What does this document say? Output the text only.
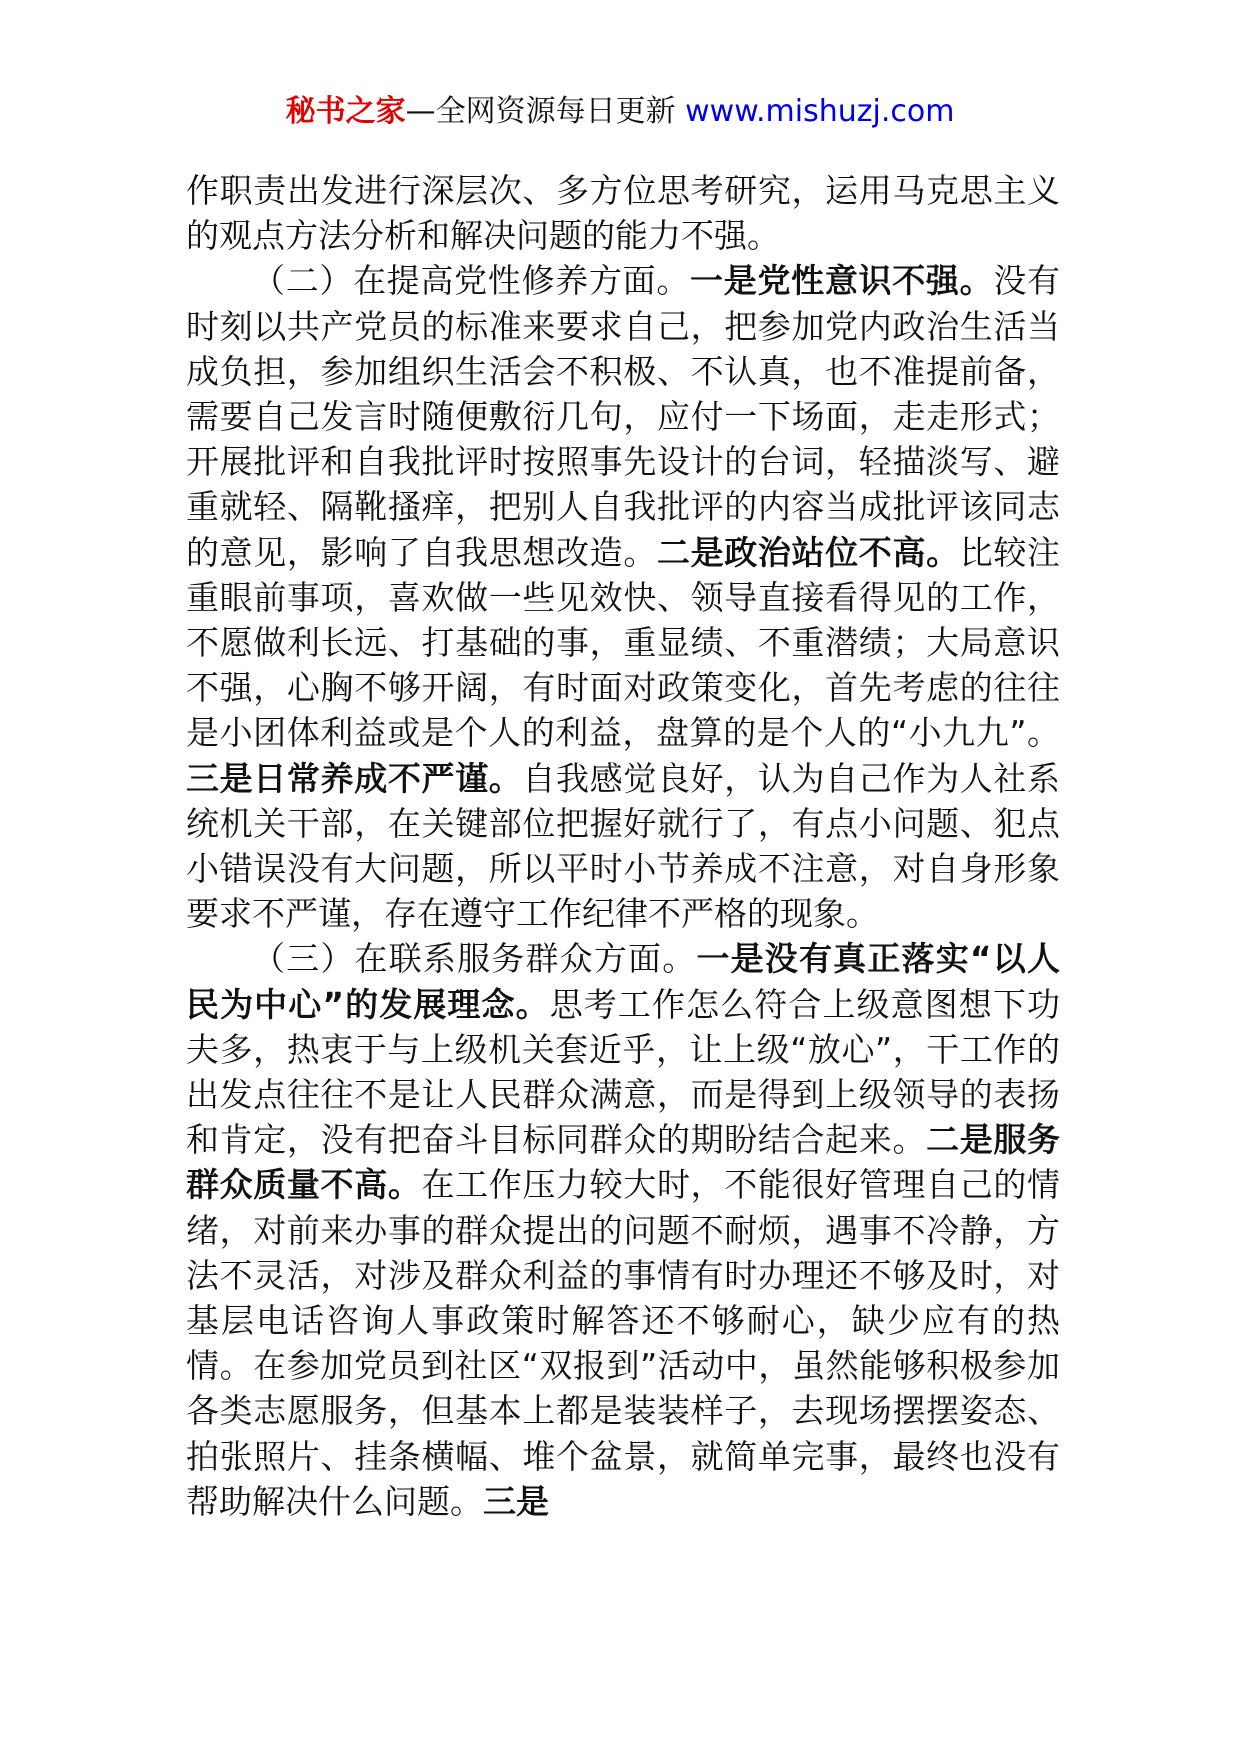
秘书之家—全网资源每日更新 www.mishuzj.com

作职责出发进行深层次、多方位思考研究，运用马克思主义的观点方法分析和解决问题的能力不强。

（二）在提高党性修养方面。一是党性意识不强。没有时刻以共产党员的标准来要求自己，把参加党内政治生活当成负担，参加组织生活会不积极、不认真，也不准提前备，需要自己发言时随便敷衍几句，应付一下场面，走走形式；开展批评和自我批评时按照事先设计的台词，轻描淡写、避重就轻、隔靴搔痒，把别人自我批评的内容当成批评该同志的意见，影响了自我思想改造。二是政治站位不高。比较注重眼前事项，喜欢做一些见效快、领导直接看得见的工作，不愿做利长远、打基础的事，重显绩、不重潜绩；大局意识不强，心胸不够开阔，有时面对政策变化，首先考虑的往往是小团体利益或是个人的利益，盘算的是个人的“小九九”。三是日常养成不严谨。自我感觉良好，认为自己作为人社系统机关干部，在关键部位把握好就行了，有点小问题、犯点小错误没有大问题，所以平时小节养成不注意，对自身形象要求不严谨，存在遵守工作纪律不严格的现象。

（三）在联系服务群众方面。一是没有真正落实“以人民为中心”的发展理念。思考工作怎么符合上级意图想下功夫多，热衷于与上级机关套近乎，让上级“放心”，干工作的出发点往往不是让人民群众满意，而是得到上级领导的表扬和肯定，没有把奋斗目标同群众的期盼结合起来。二是服务群众质量不高。在工作压力较大时，不能很好管理自己的情绪，对前来办事的群众提出的问题不耐烦，遇事不冷静，方法不灵活，对涉及群众利益的事情有时办理还不够及时，对基层电话咨询人事政策时解答还不够耐心，缺少应有的热情。在参加党员到社区“双报到”活动中，虽然能够积极参加各类志愿服务，但基本上都是装装样子，去现场摆摆姿态、拍张照片、挂条横幅、堆个盆景，就简单完事，最终也没有帮助解决什么问题。三是
